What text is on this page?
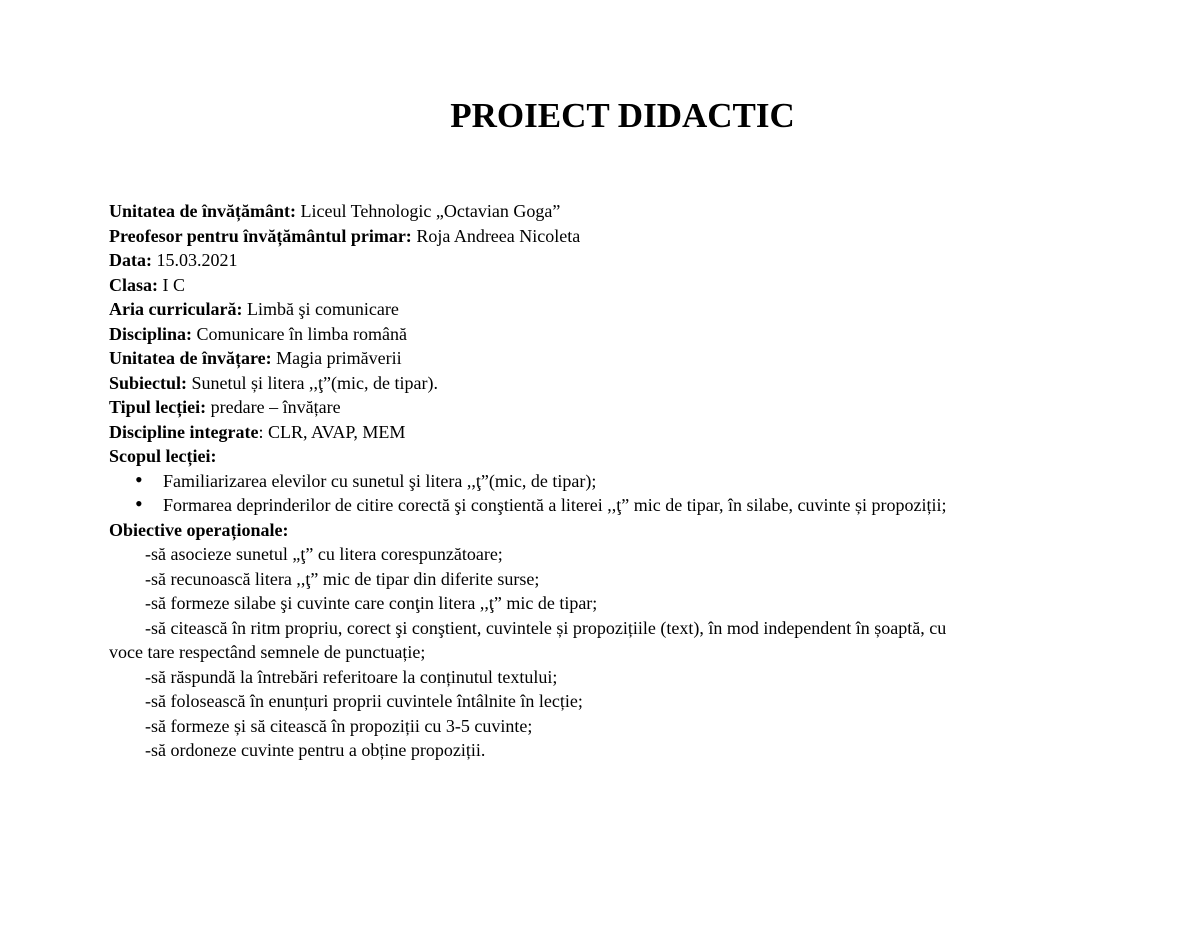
PROIECT DIDACTIC
Unitatea de învățământ: Liceul Tehnologic „Octavian Goga”
Preofesor pentru învățământul primar: Roja Andreea Nicoleta
Data: 15.03.2021
Clasa: I C
Aria curriculară: Limbă şi comunicare
Disciplina: Comunicare în limba română
Unitatea de învățare: Magia primăverii
Subiectul: Sunetul și litera ,,ţ”(mic, de tipar).
Tipul lecției: predare – învățare
Discipline integrate: CLR, AVAP, MEM
Scopul lecției:
• Familiarizarea elevilor cu sunetul şi litera ,,ţ”(mic, de tipar);
• Formarea deprinderilor de citire corectă şi conştientă a literei ,,ţ” mic de tipar, în silabe, cuvinte și propoziții;
Obiective operaționale:
-să asocieze sunetul „ţ” cu litera corespunzătoare;
-să recunoască litera ,,ţ” mic de tipar din diferite surse;
-să formeze silabe şi cuvinte care conţin litera ,,ţ” mic de tipar;
-să citească în ritm propriu, corect şi conştient, cuvintele și propozițiile (text), în mod independent în șoaptă, cu
voce tare respectând semnele de punctuație;
-să răspundă la întrebări referitoare la conținutul textului;
-să folosească în enunțuri proprii cuvintele întâlnite în lecție;
-să formeze și să citească în propoziții cu 3-5 cuvinte;
-să ordoneze cuvinte pentru a obține propoziții.
